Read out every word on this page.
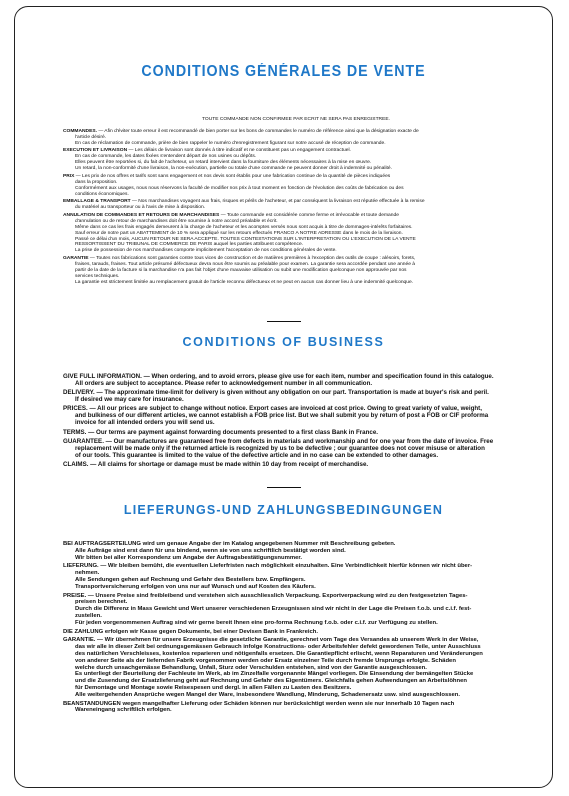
CONDITIONS GÉNÉRALES DE VENTE
TOUTE COMMANDE NON CONFIRMEE PAR ECRIT NE SERA PAS ENREGISTREE.
COMMANDES. — Afin d'éviter toute erreur il est recommandé de bien porter sur les bons de commandes le numéro de référence ainsi que la désignation exacte de
l'article désiré.
En cas de réclamation de commande, prière de bien rappeler le numéro d'enregistrement figurant sur notre accusé de réception de commande.
EXECUTION ET LIVRAISON — Les délais de livraison sont donnés à titre indicatif et ne constituent pas un engagement contractuel.
En cas de commande, les dates fixées s'entendent départ de nos usines ou dépôts.
Elles peuvent être reportées si, du fait de l'acheteur, un retard intervient dans la fourniture des éléments nécessaires à la mise en œuvre.
Un retard, la non-conformité d'une livraison, la non-exécution, partielle ou totale d'une commande ne peuvent donner droit à indemnité ou pénalité.
PRIX — Les prix de nos offres et tarifs sont sans engagement et nos devis sont établis pour une fabrication continue de la quantité de pièces indiquées
dans la proposition.
Conformément aux usages, nous nous réservons la faculté de modifier nos prix à tout moment en fonction de l'évolution des coûts de fabrication ou des
conditions économiques.
EMBALLAGE & TRANSPORT — Nos marchandises voyagent aux frais, risques et périls de l'acheteur, et par conséquent la livraison est réputée effectuée à la remise
du matériel au transporteur ou à l'avis de mise à disposition.
ANNULATION DE COMMANDES ET RETOURS DE MARCHANDISES — Toute commande est considérée comme ferme et irrévocable et toute demande
d'annulation ou de retour de marchandises doit être soumise à notre accord préalable et écrit.
Même dans ce cas les frais engagés demeurent à la charge de l'acheteur et les acomptes versés nous sont acquis à titre de dommages-intérêts forfaitaires.
Sauf erreur de notre part un ABATTEMENT de 10 % sera appliqué sur les retours effectués FRANCO A NOTRE ADRESSE dans le mois de la livraison.
Passé ce délai d'un mois, AUCUN RETOUR NE SERA ACCEPTE. TOUTES CONTESTATIONS SUR L'INTERPRETATION OU L'EXECUTION DE LA VENTE
RESSORTISSENT DU TRIBUNAL DE COMMERCE DE PARIS auquel les parties attribuent compétence.
La prise de possession de nos marchandises comporte implicitement l'acceptation de nos conditions générales de vente.
GARANTIE — Toutes nos fabrications sont garanties contre tous vices de construction et de matières premières à l'exception des outils de coupe : alésoirs, forets,
fraises, tarauds, fraises. Tout article présumé défectueux devra nous être soumis au préalable pour examen. La garantie sera accordée pendant une année à
partir de la date de la facture si la marchandise n'a pas fait l'objet d'une mauvaise utilisation ou subit une modification quelconque non approuvée par nos
services techniques.
La garantie est strictement limitée au remplacement gratuit de l'article reconnu défectueux et ne peut en aucun cas donner lieu à une indemnité quelconque.
CONDITIONS OF BUSINESS
GIVE FULL INFORMATION. — When ordering, and to avoid errors, please give use for each item, number and specification found in this catalogue.
All orders are subject to acceptance. Please refer to acknowledgement number in all communication.
DELIVERY. — The approximate time-limit for delivery is given without any obligation on our part. Transportation is made at buyer's risk and peril.
If desired we may care for insurance.
PRICES. — All our prices are subject to change without notice. Export cases are invoiced at cost price. Owing to great variety of value, weight,
and bulkiness of our different articles, we cannot establish a FOB price list. But we shall submit you by return of post a FOB or CIF proforma
invoice for all intended orders you will send us.
TERMS. — Our terms are payment against forwarding documents presented to a first class Bank in France.
GUARANTEE. — Our manufactures are guaranteed free from defects in materials and workmanship and for one year from the date of invoice. Free
replacement will be made only if the returned article is recognized by us to be defective ; our guarantee does not cover misuse or alteration
of our tools. This guarantee is limited to the value of the defective article and in no case can be extended to other damages.
CLAIMS. — All claims for shortage or damage must be made within 10 day from receipt of merchandise.
LIEFERUNGS-UND ZAHLUNGSBEDINGUNGEN
BEI AUFTRAGSERTEILUNG wird um genaue Angabe der im Katalog angegebenen Nummer mit Beschreibung gebeten.
Alle Aufträge sind erst dann für uns bindend, wenn sie von uns schriftlich bestätigt worden sind.
Wir bitten bei aller Korrespondenz um Angabe der Auftragsbestätigungsnummer.
LIEFERUNG. — Wir bleiben bemüht, die eventuellen Lieferfristen nach möglichkeit einzuhalten. Eine Verbindlichkeit hierfür können wir nicht über-
nehmen.
Alle Sendungen gehen auf Rechnung und Gefahr des Bestellers bzw. Empfängers.
Transportversicherung erfolgen von uns nur auf Wunsch und auf Kosten des Käufers.
PREISE. — Unsere Preise sind freibleibend und verstehen sich ausschliesslich Verpackung. Exportverpackung wird zu den festgesetzten Tages-
preisen berechnet.
Durch die Differenz in Mass Gewicht und Wert unserer verschiedenen Erzeugnissen sind wir nicht in der Lage die Preisen f.o.b. und c.i.f. fest-
zustellen.
Für jeden vorgenommenen Auftrag sind wir gerne bereit Ihnen eine pro-forma Rechnung f.o.b. oder c.i.f. zur Verfügung zu stellen.
DIE ZAHLUNG erfolgen wir Kasse gegen Dokumente, bei einer Devisen Bank in Frankreich.
GARANTIE. — Wir übernehmen für unsere Erzeugnisse die gesetzliche Garantie, gerechnet vom Tage des Versandes ab unserem Werk in der Weise,
das wir alle in dieser Zeit bei ordnungsgemässen Gebrauch infolge Konstructions- oder Arbeitsfehler defekt gewordenen Teile, unter Ausschluss
des natürlichen Verschleisses, kostenlos reparieren und nötigenfalls ersetzen. Die Garantiepflicht erlischt, wenn Reparaturen und Veränderungen
von anderer Seite als der liefernden Fabrik vorgenommen werden oder Ersatz einzelner Teile durch fremde Ursprungs erfolgte. Schäden
welche durch unsachgemässe Behandlung, Unfall, Sturz oder Verschulden entstehen, sind von der Garantie ausgeschlossen.
Es unterliegt der Beurteilung der Fachleute im Werk, ab im Zinzelfalle vorgenannte Mängel vorliegen. Die Einsendung der bemängelten Stücke
und die Zusendung der Ersatzlieferung geht auf Rechnung und Gefahr des Eigentümers. Gleichfalls gehen Aufwendungen an Arbeitslöhnen
für Demontage und Montage sowie Reisespesen und dergl. in allen Fällen zu Lasten des Besitzers.
Alle weitergehenden Ansprüche wegen Mangel der Ware, insbesondere Wandlung, Minderung, Schadenersatz usw. sind ausgeschlossen.
BEANSTANDUNGEN wegen mangelhafter Lieferung oder Schäden können nur berücksichtigt werden wenn sie nur innerhalb 10 Tagen nach
Wareneingang schriftlich erfolgen.
